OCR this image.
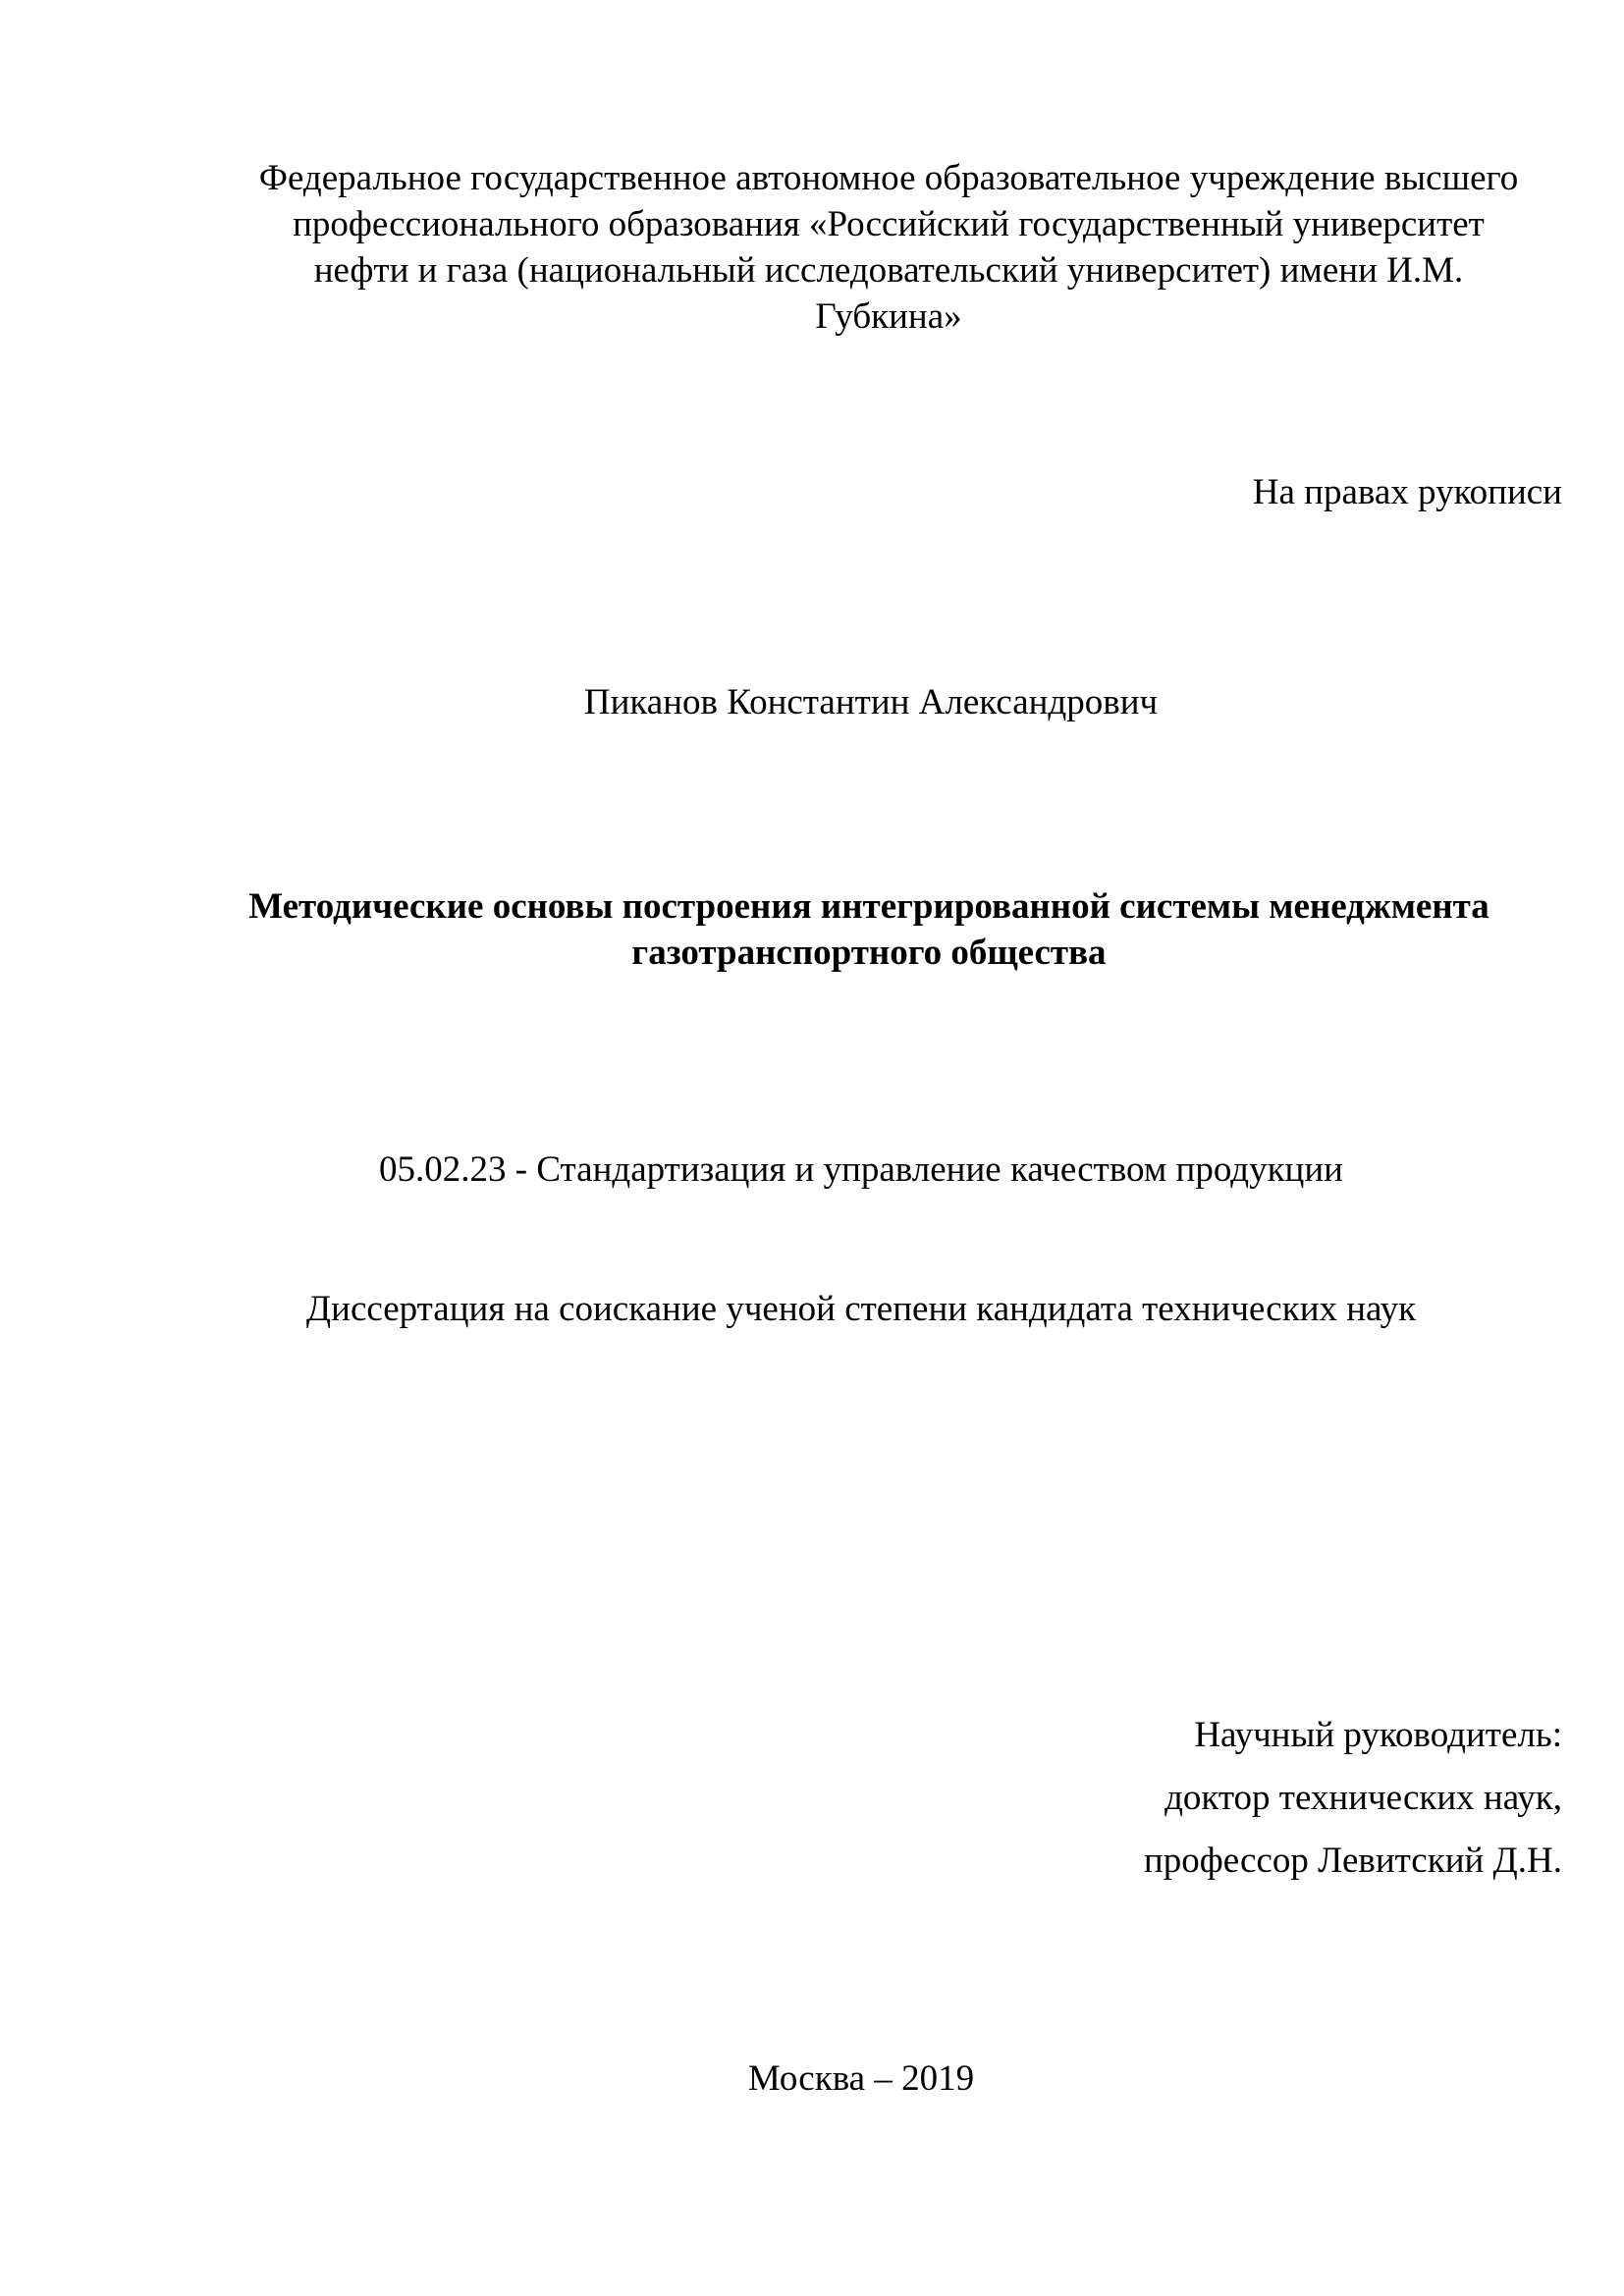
Федеральное государственное автономное образовательное учреждение высшего
профессионального образования «Российский государственный университет
нефти и газа (национальный исследовательский университет) имени И.М.
Губкина»
На правах рукописи
Пиканов Константин Александрович
Методические основы построения интегрированной системы менеджмента
газотранспортного общества
05.02.23 - Стандартизация и управление качеством продукции
Диссертация на соискание ученой степени кандидата технических наук
Научный руководитель:
доктор технических наук,
профессор Левитский Д.Н.
Москва – 2019
